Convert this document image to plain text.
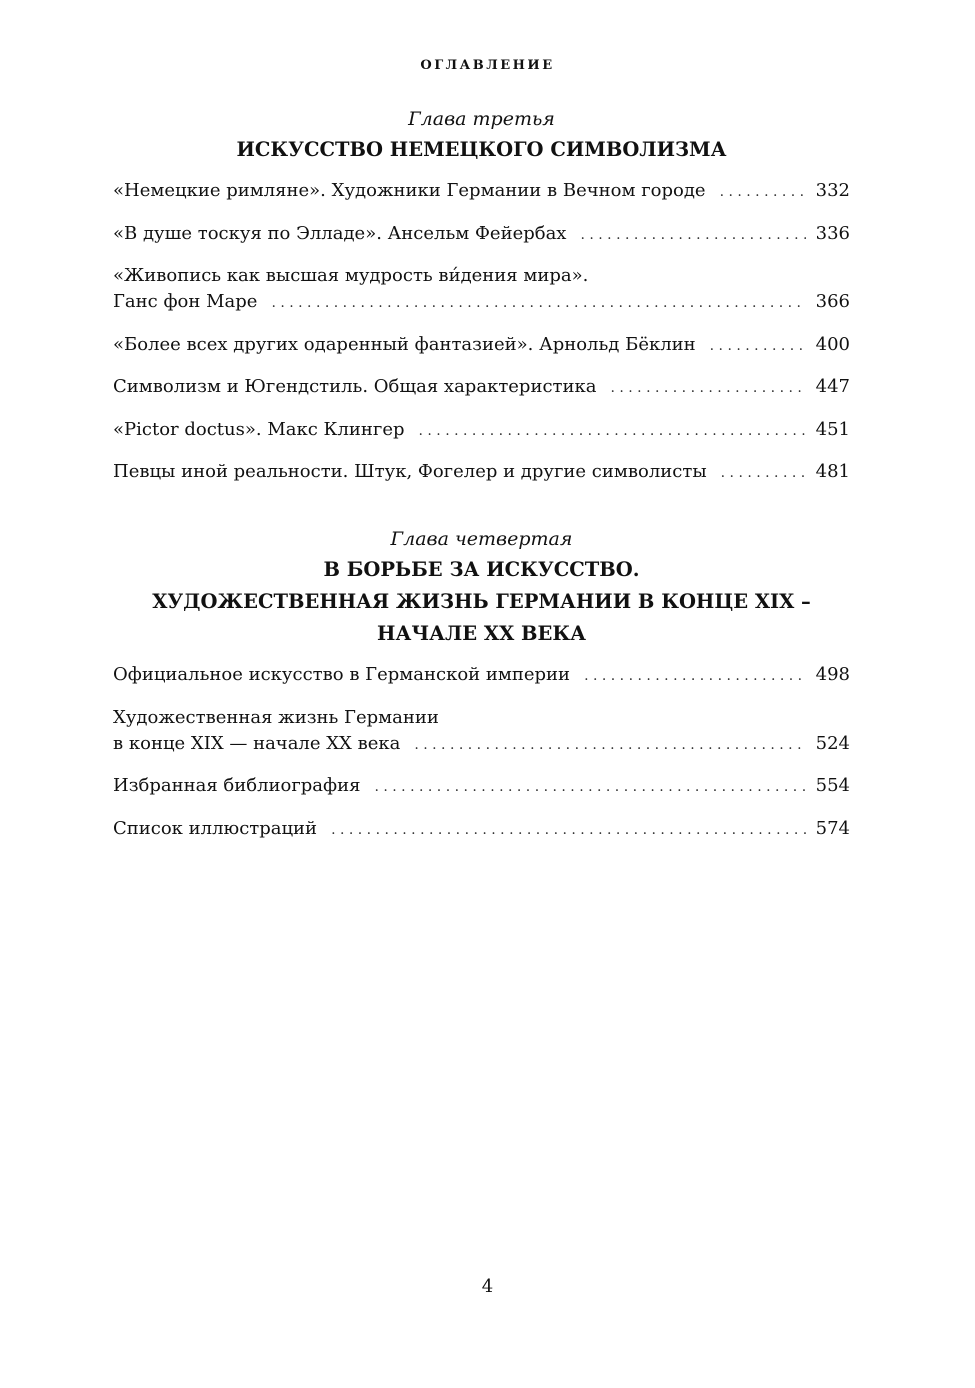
ОГЛАВЛЕНИЕ
Глава третья
ИСКУССТВО НЕМЕЦКОГО СИМВОЛИЗМА
«Немецкие римляне». Художники Германии в Вечном городе . . .	332
«В душе тоскуя по Элладе». Ансельм Фейербах . . .	336
«Живопись как высшая мудрость ви́дения мира».
Ганс фон Маре . . .	366
«Более всех других одаренный фантазией». Арнольд Бёклин . . .	400
Символизм и Югендстиль. Общая характеристика . . .	447
«Pictor doctus». Макс Клингер . . .	451
Певцы иной реальности. Штук, Фогелер и другие символисты . . .	481
Глава четвертая
В БОРЬБЕ ЗА ИСКУССТВО.
ХУДОЖЕСТВЕННАЯ ЖИЗНЬ ГЕРМАНИИ В КОНЦЕ XIX –
НАЧАЛЕ XX ВЕКА
Официальное искусство в Германской империи . . .	498
Художественная жизнь Германии
в конце XIX — начале XX века . . .	524
Избранная библиография . . .	554
Список иллюстраций . . .	574
4
